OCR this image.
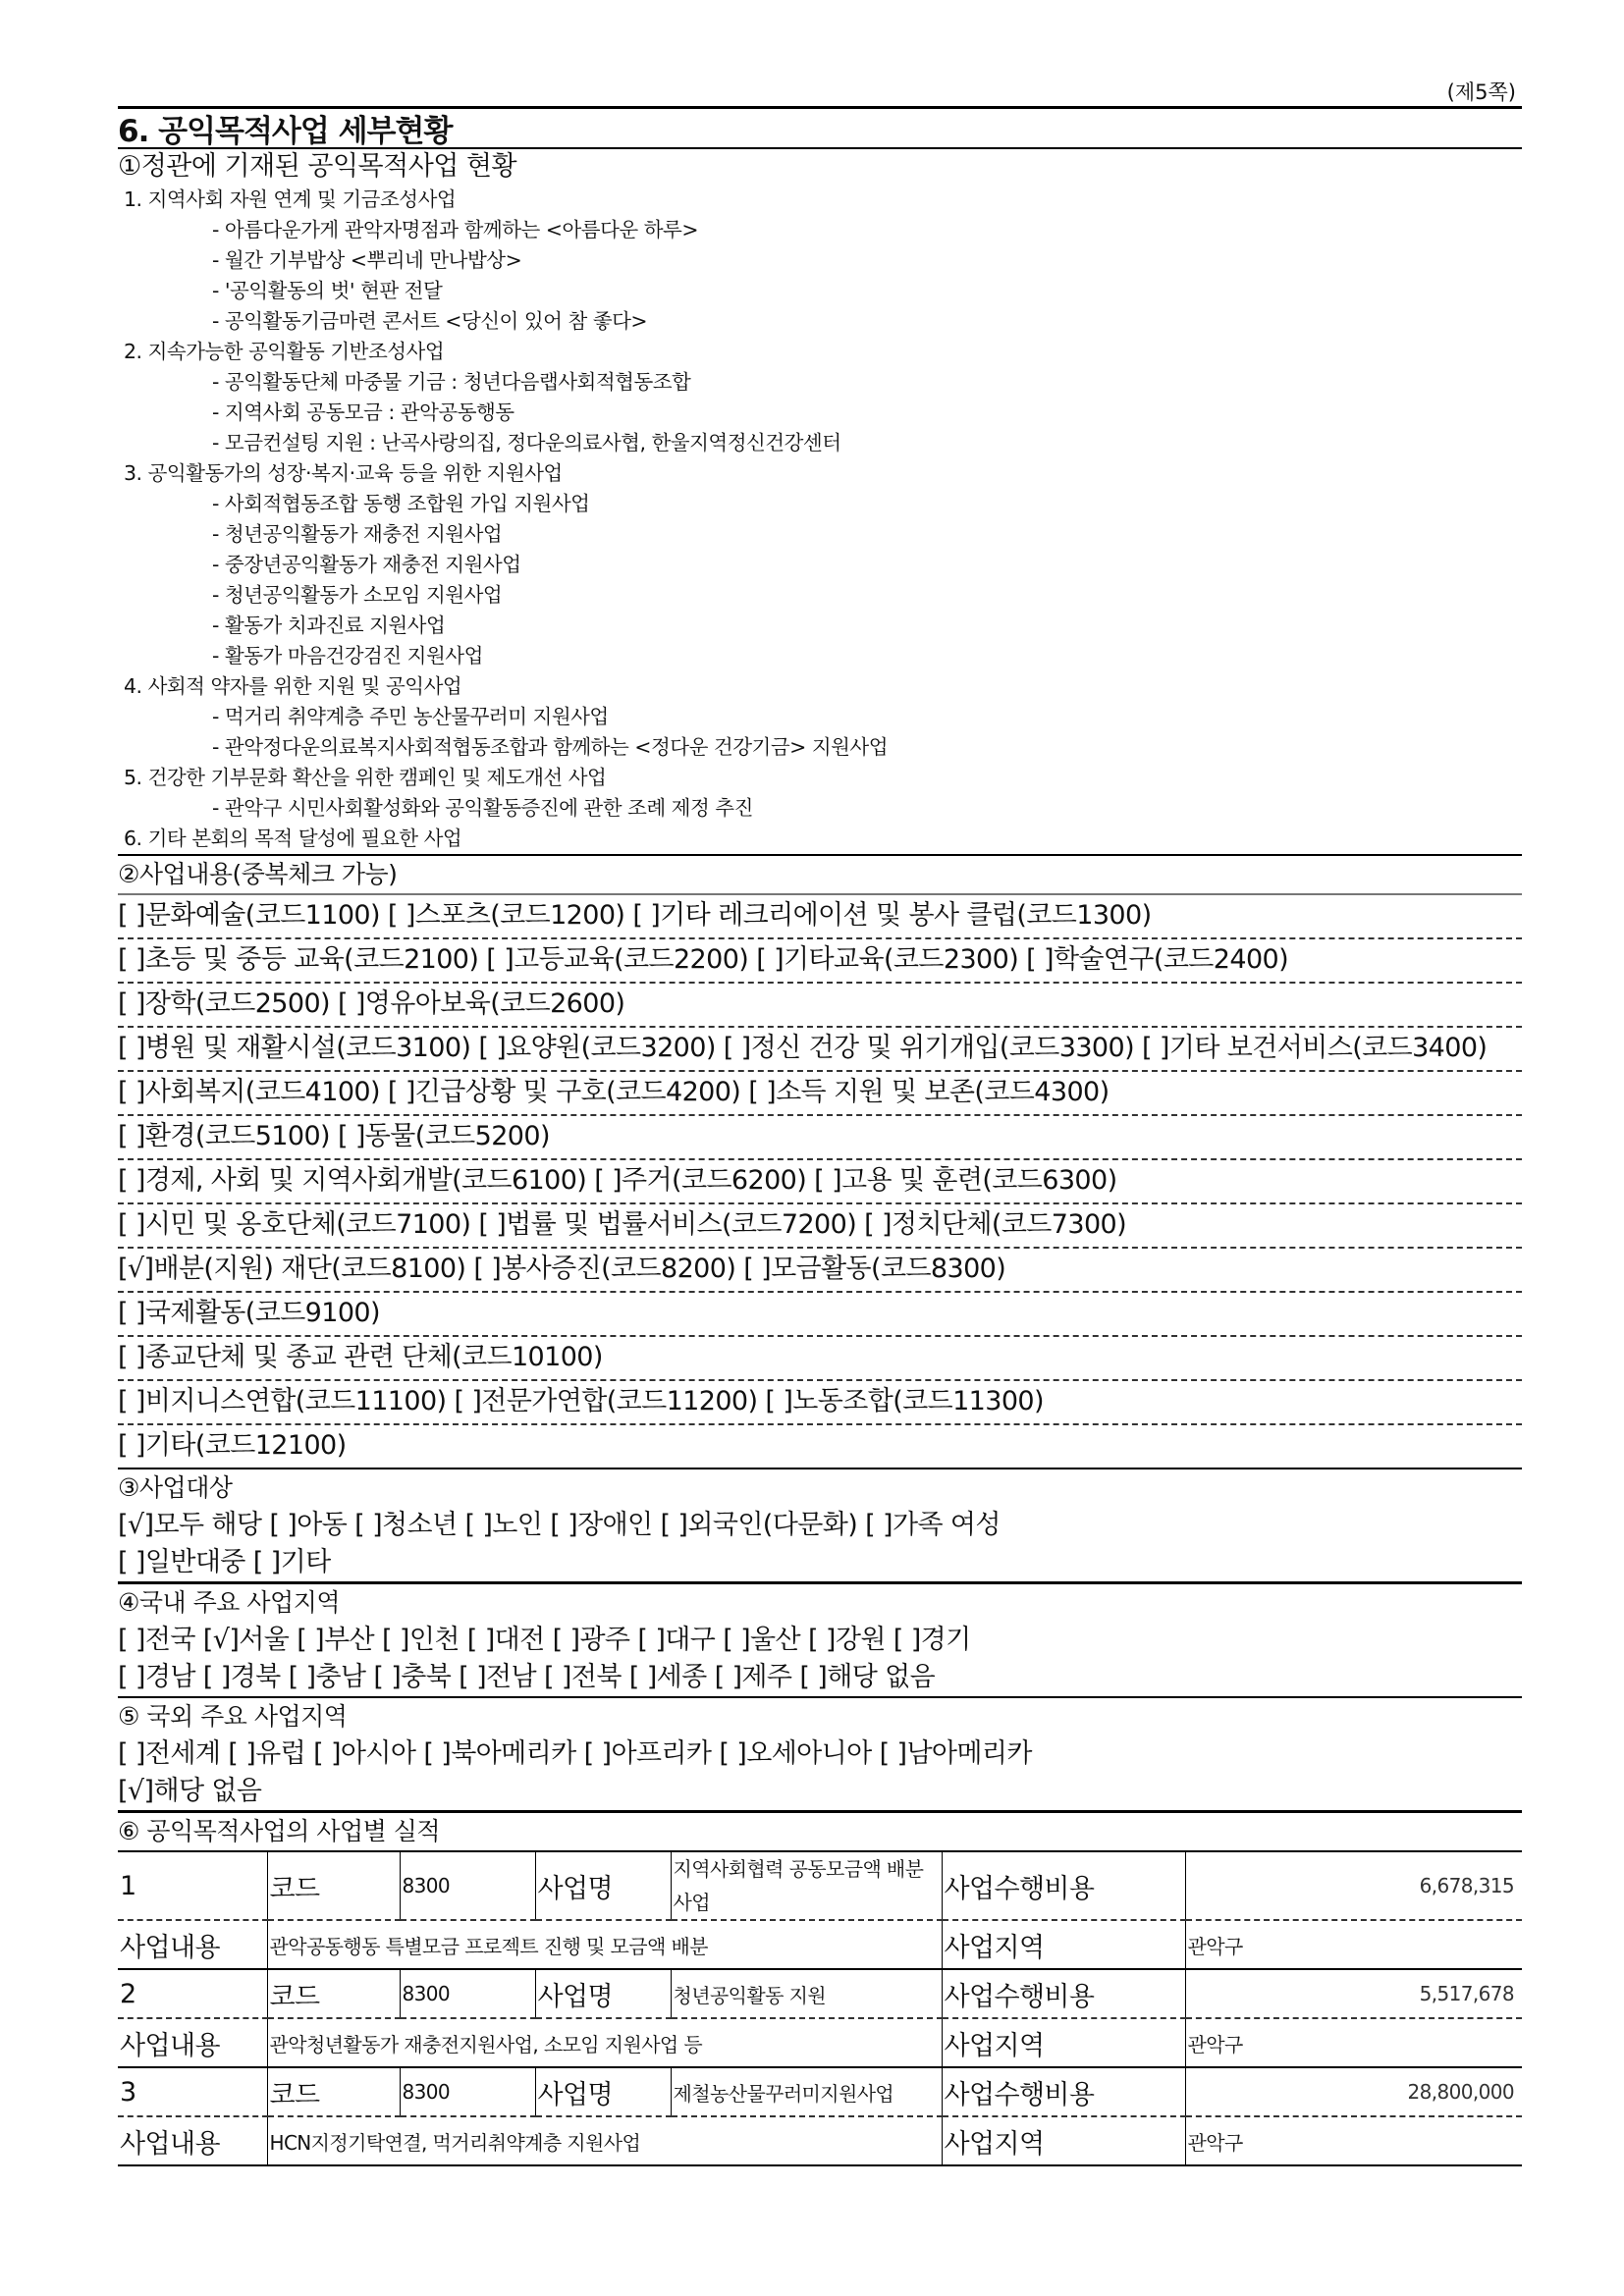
(제5쪽)
6. 공익목적사업 세부현황
①정관에 기재된 공익목적사업 현황
1. 지역사회 자원 연계 및 기금조성사업
- 아름다운가게 관악자명점과 함께하는 <아름다운 하루>
- 월간 기부밥상 <뿌리네 만나밥상>
- '공익활동의 벗' 현판 전달
- 공익활동기금마련 콘서트 <당신이 있어 참 좋다>
2. 지속가능한 공익활동 기반조성사업
- 공익활동단체 마중물 기금 : 청년다음랩사회적협동조합
- 지역사회 공동모금 : 관악공동행동
- 모금컨설팅 지원 : 난곡사랑의집, 정다운의료사협, 한울지역정신건강센터
3. 공익활동가의 성장·복지·교육 등을 위한 지원사업
- 사회적협동조합 동행 조합원 가입 지원사업
- 청년공익활동가 재충전 지원사업
- 중장년공익활동가 재충전 지원사업
- 청년공익활동가 소모임 지원사업
- 활동가 치과진료 지원사업
- 활동가 마음건강검진 지원사업
4. 사회적 약자를 위한 지원 및 공익사업
- 먹거리 취약계층 주민 농산물꾸러미 지원사업
- 관악정다운의료복지사회적협동조합과 함께하는 <정다운 건강기금> 지원사업
5. 건강한 기부문화 확산을 위한 캠페인 및 제도개선 사업
- 관악구 시민사회활성화와 공익활동증진에 관한 조례 제정 추진
6. 기타 본회의 목적 달성에 필요한 사업
②사업내용(중복체크 가능)
[ ]문화예술(코드1100) [ ]스포츠(코드1200) [ ]기타 레크리에이션 및 봉사 클럽(코드1300)
[ ]초등 및 중등 교육(코드2100) [ ]고등교육(코드2200) [ ]기타교육(코드2300) [ ]학술연구(코드2400)
[ ]장학(코드2500) [ ]영유아보육(코드2600)
[ ]병원 및 재활시설(코드3100) [ ]요양원(코드3200) [ ]정신 건강 및 위기개입(코드3300) [ ]기타 보건서비스(코드3400)
[ ]사회복지(코드4100) [ ]긴급상황 및 구호(코드4200) [ ]소득 지원 및 보존(코드4300)
[ ]환경(코드5100) [ ]동물(코드5200)
[ ]경제, 사회 및 지역사회개발(코드6100) [ ]주거(코드6200) [ ]고용 및 훈련(코드6300)
[ ]시민 및 옹호단체(코드7100) [ ]법률 및 법률서비스(코드7200) [ ]정치단체(코드7300)
[√]배분(지원) 재단(코드8100) [ ]봉사증진(코드8200) [ ]모금활동(코드8300)
[ ]국제활동(코드9100)
[ ]종교단체 및 종교 관련 단체(코드10100)
[ ]비지니스연합(코드11100) [ ]전문가연합(코드11200) [ ]노동조합(코드11300)
[ ]기타(코드12100)
③사업대상
[√]모두 해당 [ ]아동 [ ]청소년 [ ]노인 [ ]장애인 [ ]외국인(다문화) [ ]가족 여성
[ ]일반대중 [ ]기타
④국내 주요 사업지역
[ ]전국 [√]서울 [ ]부산 [ ]인천 [ ]대전 [ ]광주 [ ]대구 [ ]울산 [ ]강원 [ ]경기
[ ]경남 [ ]경북 [ ]충남 [ ]충북 [ ]전남 [ ]전북 [ ]세종 [ ]제주 [ ]해당 없음
⑤ 국외 주요 사업지역
[ ]전세계 [ ]유럽 [ ]아시아 [ ]북아메리카 [ ]아프리카 [ ]오세아니아 [ ]남아메리카
[√]해당 없음
⑥ 공익목적사업의 사업별 실적
1	코드	8300	사업명	지역사회협력 공동모금액 배분사업	사업수행비용	6,678,315
사업내용	관악공동행동 특별모금 프로젝트 진행 및 모금액 배분				사업지역	관악구
2	코드	8300	사업명	청년공익활동 지원	사업수행비용	5,517,678
사업내용	관악청년활동가 재충전지원사업, 소모임 지원사업 등				사업지역	관악구
3	코드	8300	사업명	제철농산물꾸러미지원사업	사업수행비용	28,800,000
사업내용	HCN지정기탁연결, 먹거리취약계층 지원사업				사업지역	관악구
